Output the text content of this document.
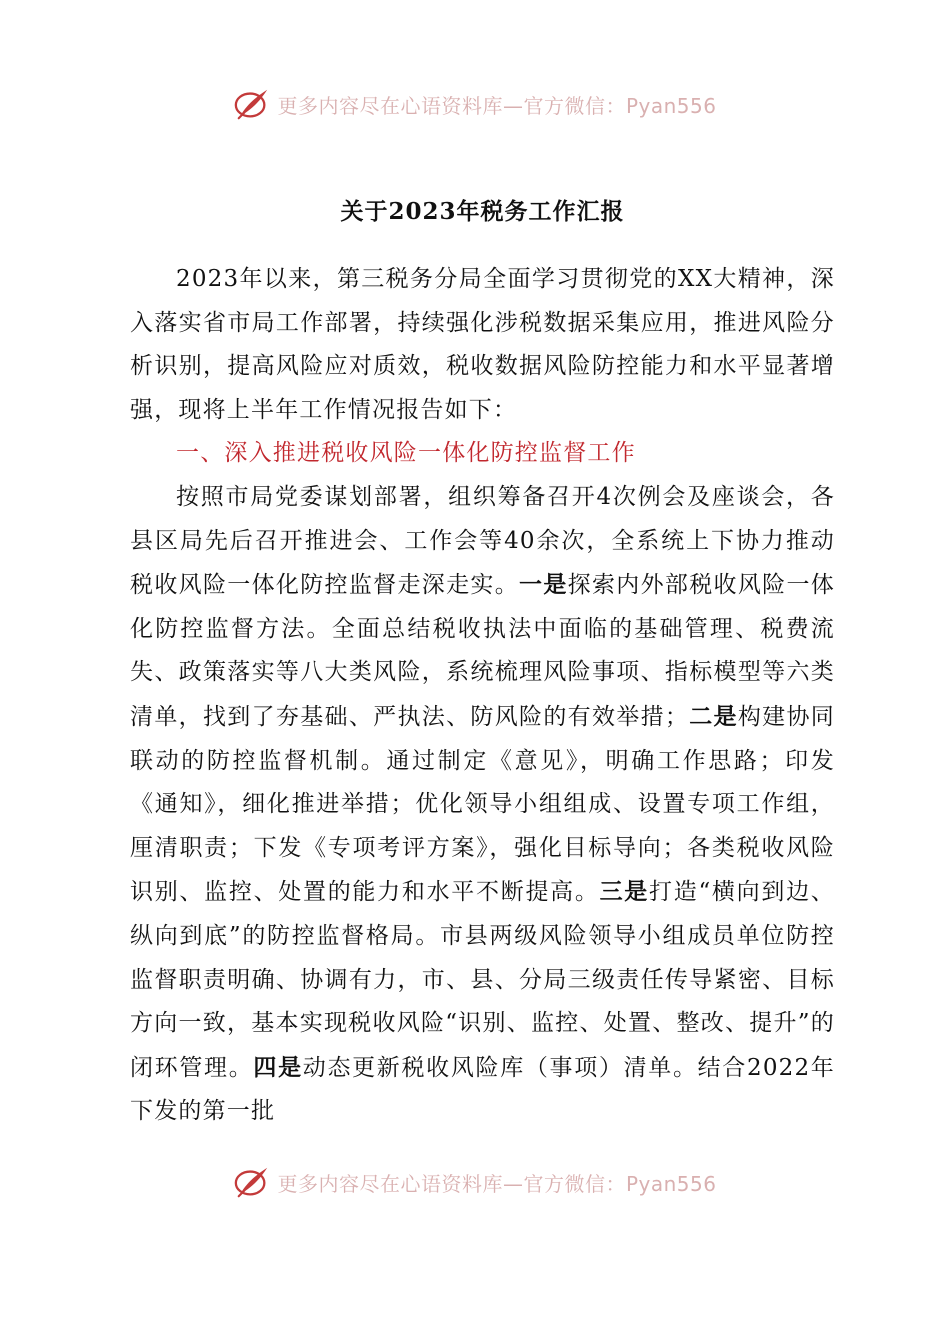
更多内容尽在心语资料库—官方微信：Pyan556
关于2023年税务工作汇报

2023年以来，第三税务分局全面学习贯彻党的XX大精神，深入落实省市局工作部署，持续强化涉税数据采集应用，推进风险分析识别，提高风险应对质效，税收数据风险防控能力和水平显著增强，现将上半年工作情况报告如下：

一、深入推进税收风险一体化防控监督工作

按照市局党委谋划部署，组织筹备召开4次例会及座谈会，各县区局先后召开推进会、工作会等40余次，全系统上下协力推动税收风险一体化防控监督走深走实。一是探索内外部税收风险一体化防控监督方法。全面总结税收执法中面临的基础管理、税费流失、政策落实等八大类风险，系统梳理风险事项、指标模型等六类清单，找到了夯基础、严执法、防风险的有效举措；二是构建协同联动的防控监督机制。通过制定《意见》，明确工作思路；印发《通知》，细化推进举措；优化领导小组组成、设置专项工作组，厘清职责；下发《专项考评方案》，强化目标导向；各类税收风险识别、监控、处置的能力和水平不断提高。三是打造“横向到边、纵向到底”的防控监督格局。市县两级风险领导小组成员单位防控监督职责明确、协调有力，市、县、分局三级责任传导紧密、目标方向一致，基本实现税收风险“识别、监控、处置、整改、提升”的闭环管理。四是动态更新税收风险库（事项）清单。结合2022年下发的第一批

更多内容尽在心语资料库—官方微信：Pyan556
